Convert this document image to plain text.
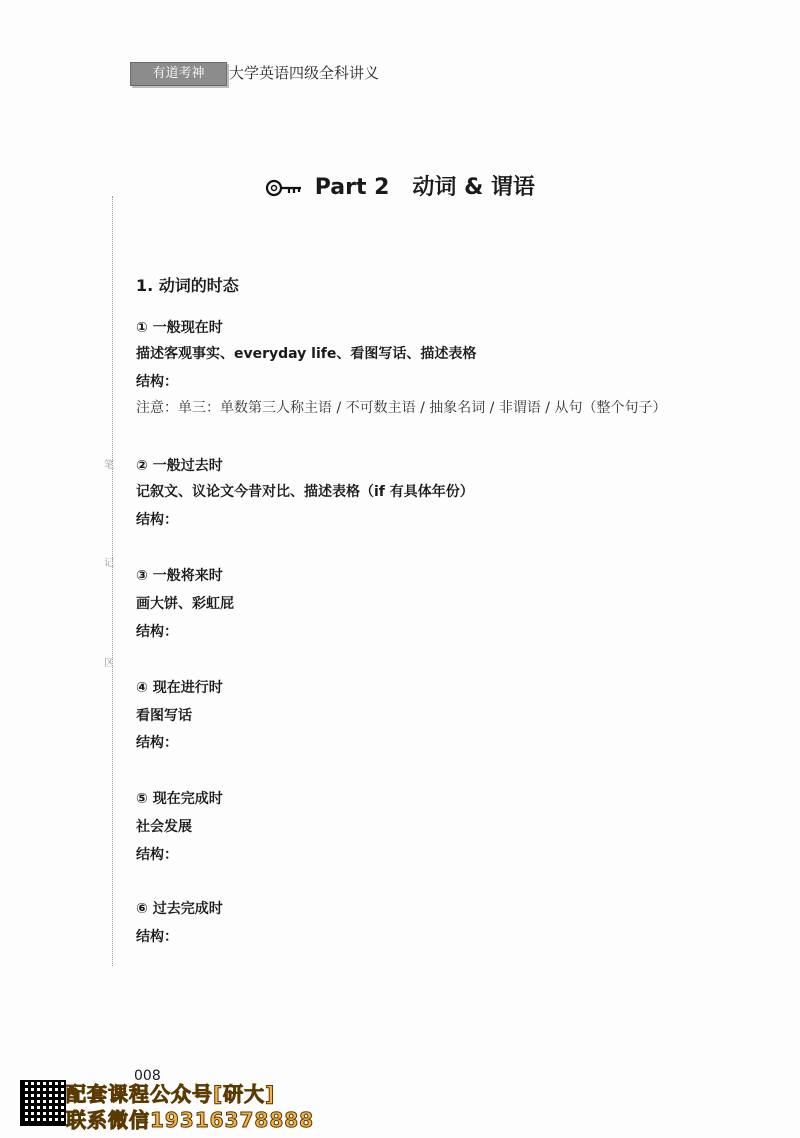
有道考神	大学英语四级全科讲义
笔
记
区
Part 2 动词 & 谓语
1. 动词的时态
① 一般现在时
描述客观事实、everyday life、看图写话、描述表格
结构：
注意：单三：单数第三人称主语 / 不可数主语 / 抽象名词 / 非谓语 / 从句（整个句子）
② 一般过去时
记叙文、议论文今昔对比、描述表格（if 有具体年份）
结构：
③ 一般将来时
画大饼、彩虹屁
结构：
④ 现在进行时
看图写话
结构：
⑤ 现在完成时
社会发展
结构：
⑥ 过去完成时
结构：
008
配套课程公众号[研大]
联系微信19316378888
